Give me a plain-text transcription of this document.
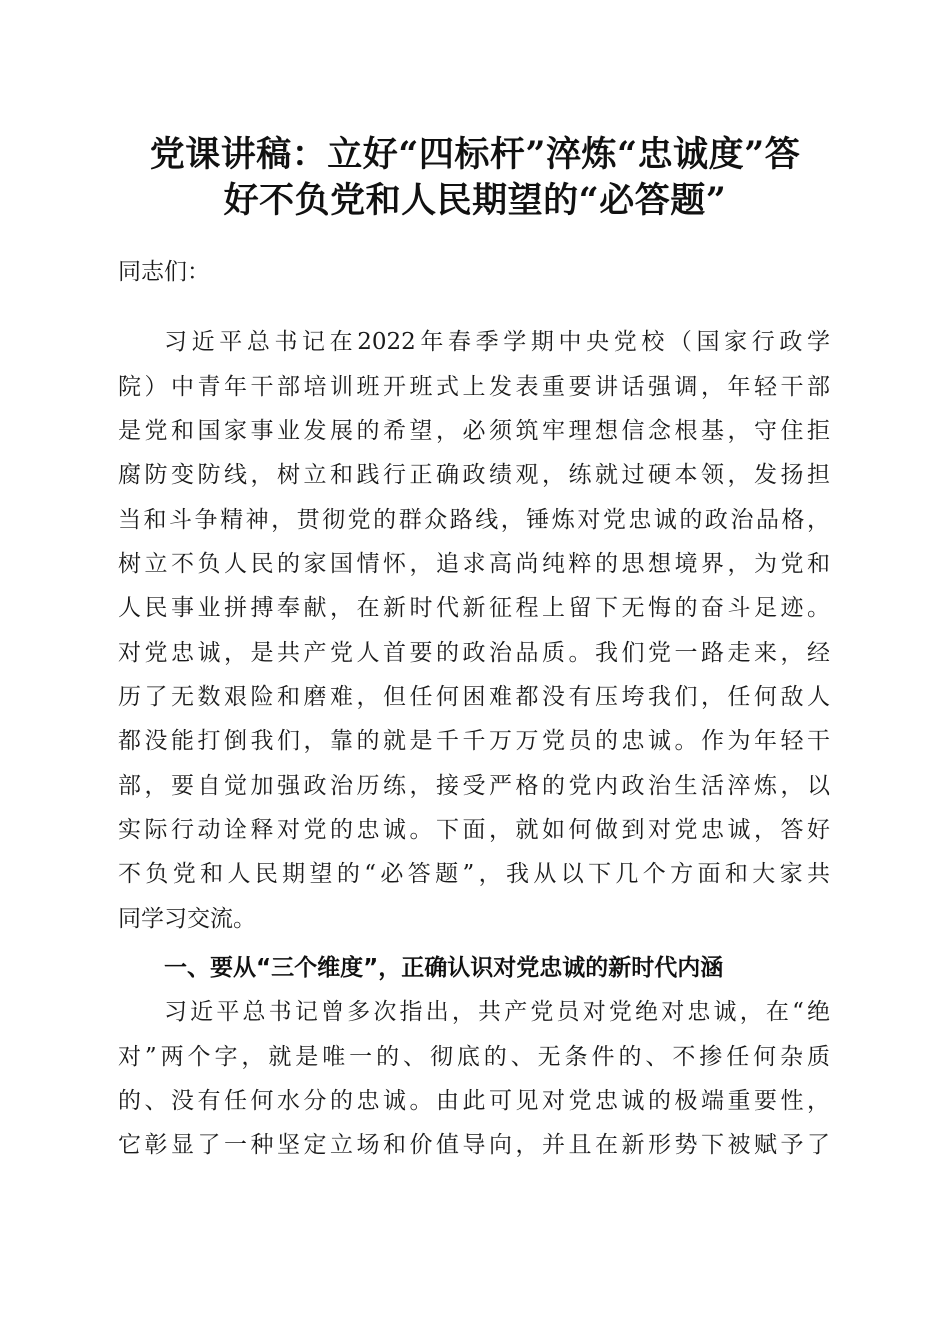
党课讲稿：立好“四标杆”淬炼“忠诚度”答
好不负党和人民期望的“必答题”
同志们：
习近平总书记在2022年春季学期中央党校（国家行政学
院）中青年干部培训班开班式上发表重要讲话强调，年轻干部
是党和国家事业发展的希望，必须筑牢理想信念根基，守住拒
腐防变防线，树立和践行正确政绩观，练就过硬本领，发扬担
当和斗争精神，贯彻党的群众路线，锤炼对党忠诚的政治品格，
树立不负人民的家国情怀，追求高尚纯粹的思想境界，为党和
人民事业拼搏奉献，在新时代新征程上留下无悔的奋斗足迹。
对党忠诚，是共产党人首要的政治品质。我们党一路走来，经
历了无数艰险和磨难，但任何困难都没有压垮我们，任何敌人
都没能打倒我们，靠的就是千千万万党员的忠诚。作为年轻干
部，要自觉加强政治历练，接受严格的党内政治生活淬炼，以
实际行动诠释对党的忠诚。下面，就如何做到对党忠诚，答好
不负党和人民期望的“必答题”，我从以下几个方面和大家共
同学习交流。
一、要从“三个维度”，正确认识对党忠诚的新时代内涵
习近平总书记曾多次指出，共产党员对党绝对忠诚，在“绝
对”两个字，就是唯一的、彻底的、无条件的、不掺任何杂质
的、没有任何水分的忠诚。由此可见对党忠诚的极端重要性，
它彰显了一种坚定立场和价值导向，并且在新形势下被赋予了
